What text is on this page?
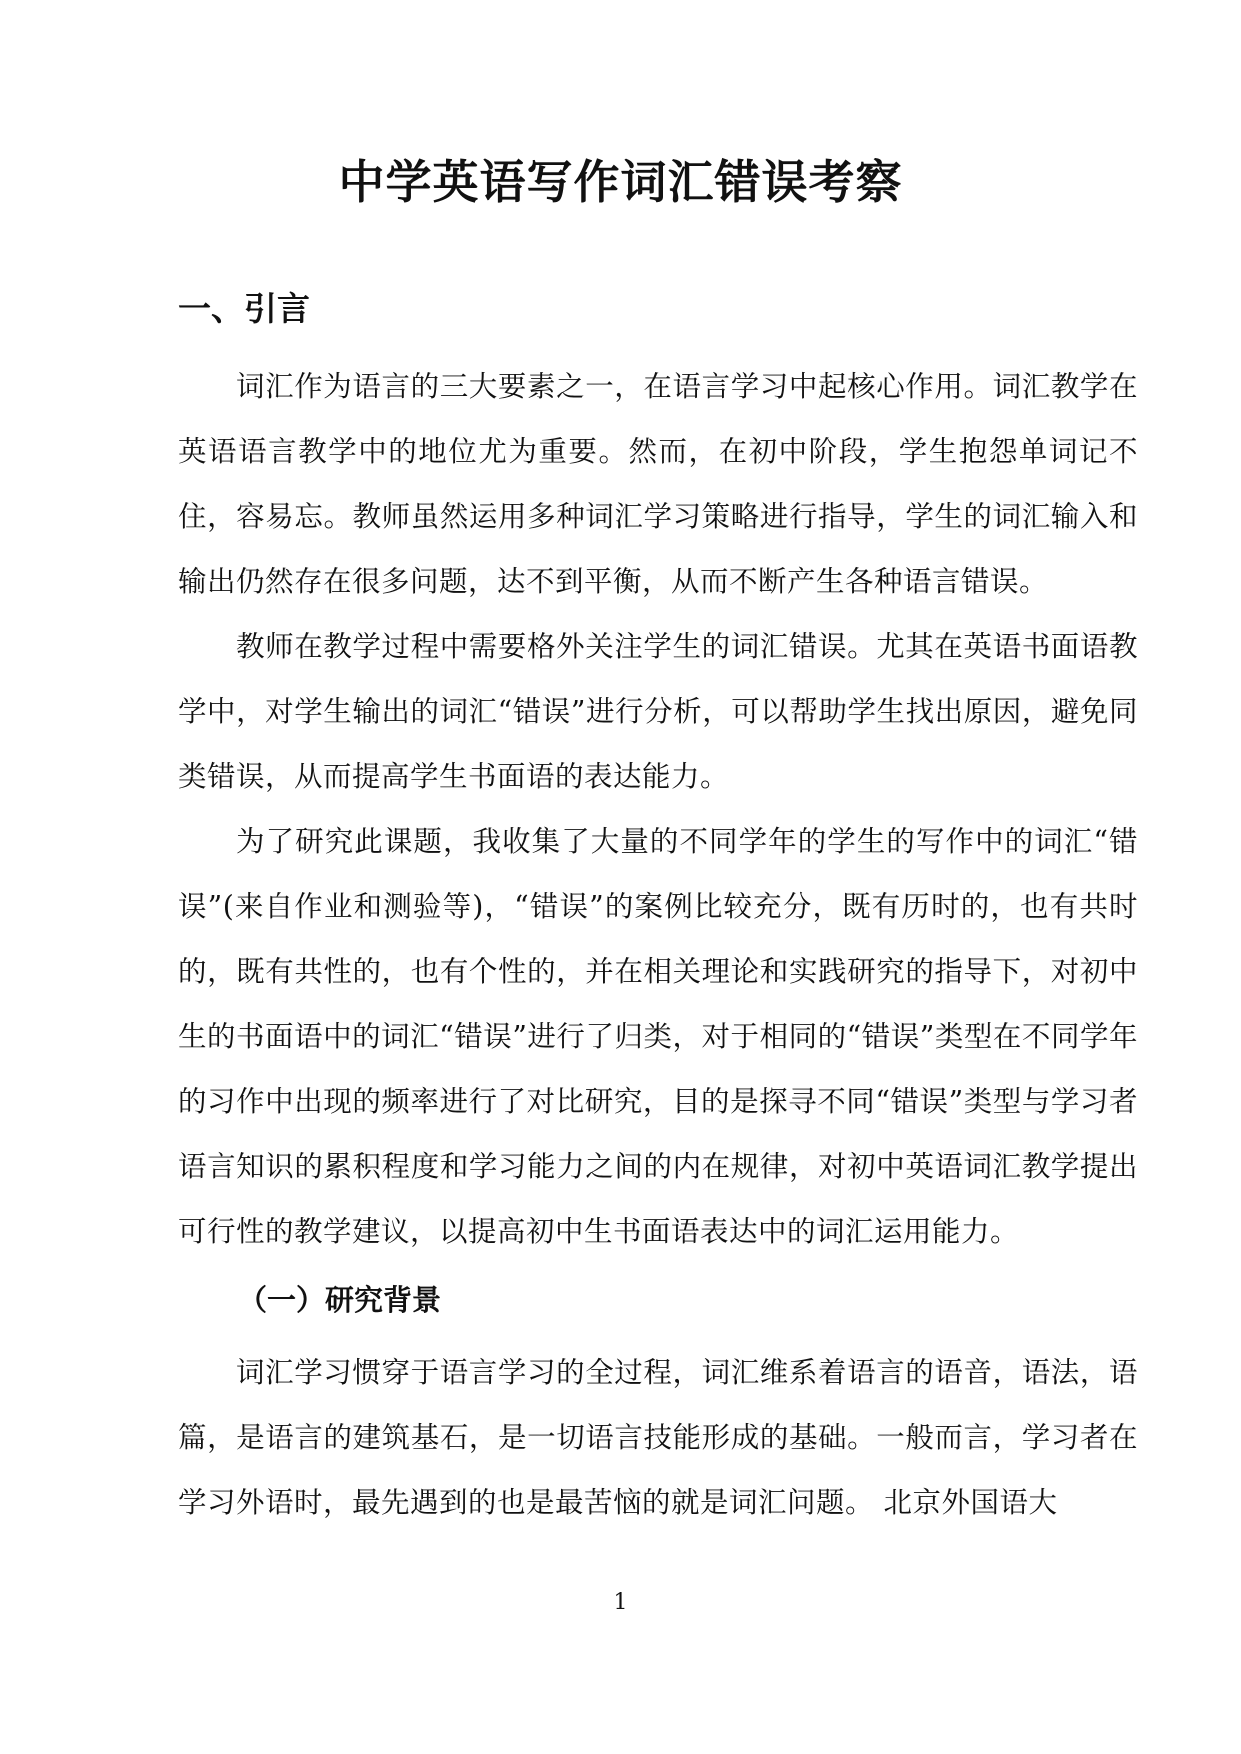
中学英语写作词汇错误考察
一、引言

词汇作为语言的三大要素之一，在语言学习中起核心作用。词汇教学在英语语言教学中的地位尤为重要。然而，在初中阶段，学生抱怨单词记不住，容易忘。教师虽然运用多种词汇学习策略进行指导，学生的词汇输入和输出仍然存在很多问题，达不到平衡，从而不断产生各种语言错误。

教师在教学过程中需要格外关注学生的词汇错误。尤其在英语书面语教学中，对学生输出的词汇“错误”进行分析，可以帮助学生找出原因，避免同类错误，从而提高学生书面语的表达能力。

为了研究此课题，我收集了大量的不同学年的学生的写作中的词汇“错误”(来自作业和测验等)，“错误”的案例比较充分，既有历时的，也有共时的，既有共性的，也有个性的，并在相关理论和实践研究的指导下，对初中生的书面语中的词汇“错误”进行了归类，对于相同的“错误”类型在不同学年的习作中出现的频率进行了对比研究，目的是探寻不同“错误”类型与学习者语言知识的累积程度和学习能力之间的内在规律，对初中英语词汇教学提出可行性的教学建议，以提高初中生书面语表达中的词汇运用能力。

（一）研究背景

词汇学习惯穿于语言学习的全过程，词汇维系着语言的语音，语法，语篇，是语言的建筑基石，是一切语言技能形成的基础。一般而言，学习者在学习外语时，最先遇到的也是最苦恼的就是词汇问题。 北京外国语大

1
